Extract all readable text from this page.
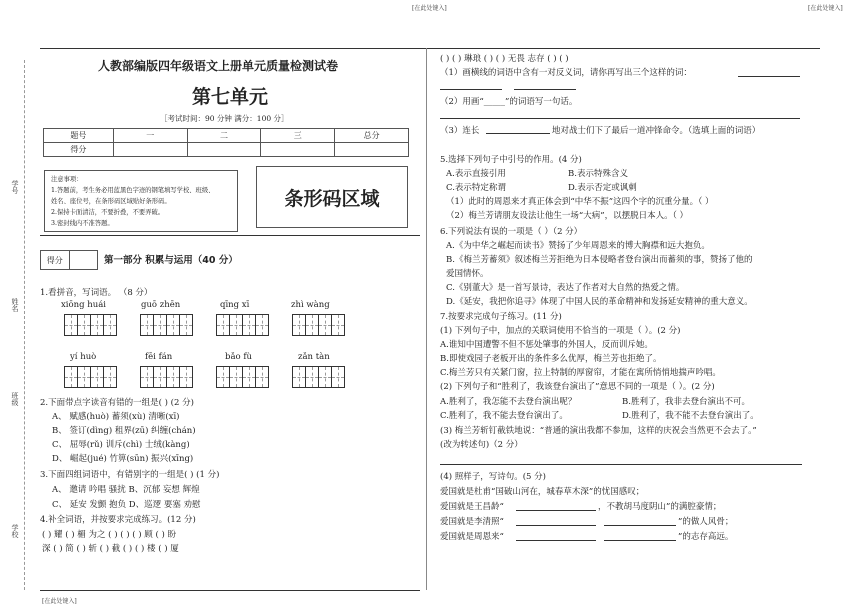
[在此处键入]	[在此处键入]
[在此处键入]
学号
姓名
班级
学校
人教部编版四年级语文上册单元质量检测试卷
第七单元
［考试时间：90 分钟 满分：100 分］
题号	一	二	三	总分
得分				
注意事项：
1.答题前，考生务必用蓝黑色字迹的钢笔填写学校、班级、
姓名、座位号，在条形码区域贴好条形码。
2.保持卡面清洁，不要折叠，不要弄破。
3.密封线内不准答题。
条形码区域
得分	第一部分 积累与运用（40 分）
1.看拼音，写词语。 （8 分）
xiōng huái	guō zhēn	qīng xī	zhì wàng
yí huò	fēi fán	bǎo fù	zǎn tàn
2.下面带点字读音有错的一组是( ) (2 分)
A、 赋感(huò) 蓄须(xù) 清晰(xī)
B、 签订(dìng) 租界(zū) 纠缠(chán)
C、 屈辱(rǔ) 训斥(chì) 士绒(kàng)
D、 崛起(jué) 竹箅(sūn) 振兴(xīng)
3.下面四组词语中，有错别字的一组是( ) (1 分)
A、 邀请 吟唱 骚扰 B、沉郁 妄想 辉煌
C、 延安 发颤 抱负 D、巡逻 要塞 劝慰
4.补全词语，并按要求完成练习。(12 分)
( ) 耀 ( ) 楣 为之 ( ) ( ) ( ) 顾 ( ) 盼
深 ( ) 简 ( ) 斩 ( ) 截 ( ) ( ) 楼 ( ) 厦
( ) ( ) 琳琅 ( ) ( ) 无畏 志存 ( ) ( )
（1）画横线的词语中含有一对反义词，请你再写出三个这样的词：
（2）用画“_____”的词语写一句话。
（3）连长	地对战士们下了最后一道冲锋命令。（选填上面的词语）
5.选择下列句子中引号的作用。(4 分)
A.表示直接引用	B.表示特殊含义
C.表示特定称谓	D.表示否定或讽刺
（1）此时的周恩来才真正体会到“中华不振”这四个字的沉重分量。（ ）
（2）梅兰芳请朋友设法让他生一场“大病”，以摆脱日本人。（ ）
6.下列说法有误的一项是（ ）（2 分）
A.《为中华之崛起而读书》赞扬了少年周恩来的博大胸襟和远大抱负。
B.《梅兰芳蓄须》叙述梅兰芳拒绝为日本侵略者登台演出而蓄须的事，赞扬了他的
爱国情怀。
C.《别董大》是一首写景诗，表达了作者对大自然的热爱之情。
D.《延安，我把你追寻》体现了中国人民的革命精神和发扬延安精神的重大意义。
7.按要求完成句子练习。(11 分)
(1) 下列句子中，加点的关联词使用不恰当的一项是（ ）。(2 分)
A.谁知中国遭警不但不惩处肇事的外国人，反而训斥她。
B.即使戏园子老板开出的条件多么优厚，梅兰芳也拒绝了。
C.梅兰芳只有关紧门窗，拉上特制的厚窗帘，才能在寓所悄悄地揣声吟唱。
(2) 下列句子和“胜利了，我该登台演出了”意思不同的一项是（ ）。(2 分)
A.胜利了，我怎能不去登台演出呢？	B.胜利了，我非去登台演出不可。
C.胜利了，我不能去登台演出了。	D.胜利了，我不能不去登台演出了。
(3) 梅兰芳斩钉截铁地说：“普通的演出我都不参加，这样的庆祝会当然更不会去了。”
(改为转述句)（2 分）
(4) 照样子，写诗句。(5 分)
爱国就是杜甫“国破山河在，城春草木深”的忧国感叹；
爱国就是王昌龄“	，不教胡马度阴山”的满腔豪情；
爱国就是李清照“	”的做人风骨；
爱国就是周恩来“	”的志存高远。
